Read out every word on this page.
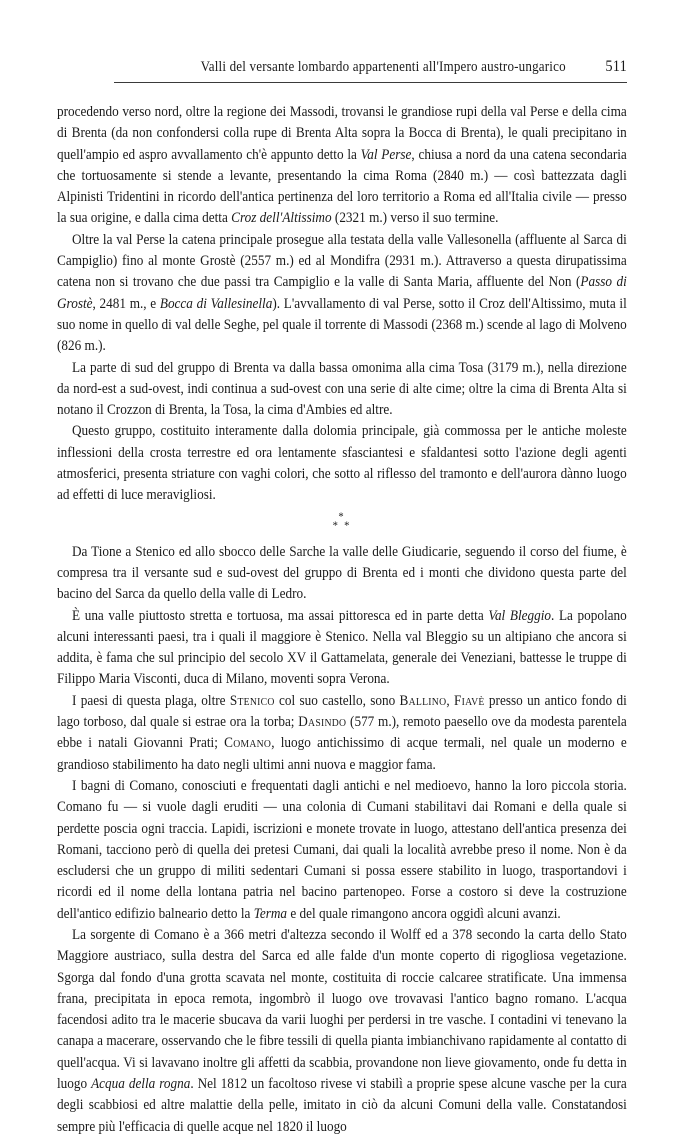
Valli del versante lombardo appartenenti all'Impero austro-ungarico 511

procedendo verso nord, oltre la regione dei Massodi, trovansi le grandiose rupi della val Perse e della cima di Brenta (da non confondersi colla rupe di Brenta Alta sopra la Bocca di Brenta), le quali precipitano in quell'ampio ed aspro avvallamento ch'è appunto detto la Val Perse, chiusa a nord da una catena secondaria che tortuosamente si stende a levante, presentando la cima Roma (2840 m.) — così battezzata dagli Alpinisti Tridentini in ricordo dell'antica pertinenza del loro territorio a Roma ed all'Italia civile — presso la sua origine, e dalla cima detta Croz dell'Altissimo (2321 m.) verso il suo termine.

Oltre la val Perse la catena principale prosegue alla testata della valle Vallesonella (affluente al Sarca di Campiglio) fino al monte Grostè (2557 m.) ed al Mondifra (2931 m.). Attraverso a questa dirupatissima catena non si trovano che due passi tra Campiglio e la valle di Santa Maria, affluente del Non (Passo di Grostè, 2481 m., e Bocca di Vallesinella). L'avvallamento di val Perse, sotto il Croz dell'Altissimo, muta il suo nome in quello di val delle Seghe, pel quale il torrente di Massodi (2368 m.) scende al lago di Molveno (826 m.).

La parte di sud del gruppo di Brenta va dalla bassa omonima alla cima Tosa (3179 m.), nella direzione da nord-est a sud-ovest, indi continua a sud-ovest con una serie di alte cime; oltre la cima di Brenta Alta si notano il Crozzon di Brenta, la Tosa, la cima d'Ambies ed altre.

Questo gruppo, costituito interamente dalla dolomia principale, già commossa per le antiche moleste inflessioni della crosta terrestre ed ora lentamente sfasciantesi e sfaldantesi sotto l'azione degli agenti atmosferici, presenta striature con vaghi colori, che sotto al riflesso del tramonto e dell'aurora dànno luogo ad effetti di luce meravigliosi.

*
* *

Da Tione a Stenico ed allo sbocco delle Sarche la valle delle Giudicarie, seguendo il corso del fiume, è compresa tra il versante sud e sud-ovest del gruppo di Brenta ed i monti che dividono questa parte del bacino del Sarca da quello della valle di Ledro.

È una valle piuttosto stretta e tortuosa, ma assai pittoresca ed in parte detta Val Bleggio. La popolano alcuni interessanti paesi, tra i quali il maggiore è Stenico. Nella val Bleggio su un altipiano che ancora si addita, è fama che sul principio del secolo XV il Gattamelata, generale dei Veneziani, battesse le truppe di Filippo Maria Visconti, duca di Milano, moventi sopra Verona.

I paesi di questa plaga, oltre Stenico col suo castello, sono Ballino, Fiavè presso un antico fondo di lago torboso, dal quale si estrae ora la torba; Dasindo (577 m.), remoto paesello ove da modesta parentela ebbe i natali Giovanni Prati; Comano, luogo antichissimo di acque termali, nel quale un moderno e grandioso stabilimento ha dato negli ultimi anni nuova e maggior fama.

I bagni di Comano, conosciuti e frequentati dagli antichi e nel medioevo, hanno la loro piccola storia. Comano fu — si vuole dagli eruditi — una colonia di Cumani stabilitavi dai Romani e della quale si perdette poscia ogni traccia. Lapidi, iscrizioni e monete trovate in luogo, attestano dell'antica presenza dei Romani, tacciono però di quella dei pretesi Cumani, dai quali la località avrebbe preso il nome. Non è da escludersi che un gruppo di militi sedentari Cumani si possa essere stabilito in luogo, trasportandovi i ricordi ed il nome della lontana patria nel bacino partenopeo. Forse a costoro si deve la costruzione dell'antico edifizio balneario detto la Terma e del quale rimangono ancora oggidì alcuni avanzi.

La sorgente di Comano è a 366 metri d'altezza secondo il Wolff ed a 378 secondo la carta dello Stato Maggiore austriaco, sulla destra del Sarca ed alle falde d'un monte coperto di rigogliosa vegetazione. Sgorga dal fondo d'una grotta scavata nel monte, costituita di roccie calcaree stratificate. Una immensa frana, precipitata in epoca remota, ingombrò il luogo ove trovavasi l'antico bagno romano. L'acqua facendosi adito tra le macerie sbucava da varii luoghi per perdersi in tre vasche. I contadini vi tenevano la canapa a macerare, osservando che le fibre tessili di quella pianta imbianchivano rapidamente al contatto di quell'acqua. Vi si lavavano inoltre gli affetti da scabbia, provandone non lieve giovamento, onde fu detta in luogo Acqua della rogna. Nel 1812 un facoltoso rivese vi stabilì a proprie spese alcune vasche per la cura degli scabbiosi ed altre malattie della pelle, imitato in ciò da alcuni Comuni della valle. Constatandosi sempre più l'efficacia di quelle acque nel 1820 il luogo
